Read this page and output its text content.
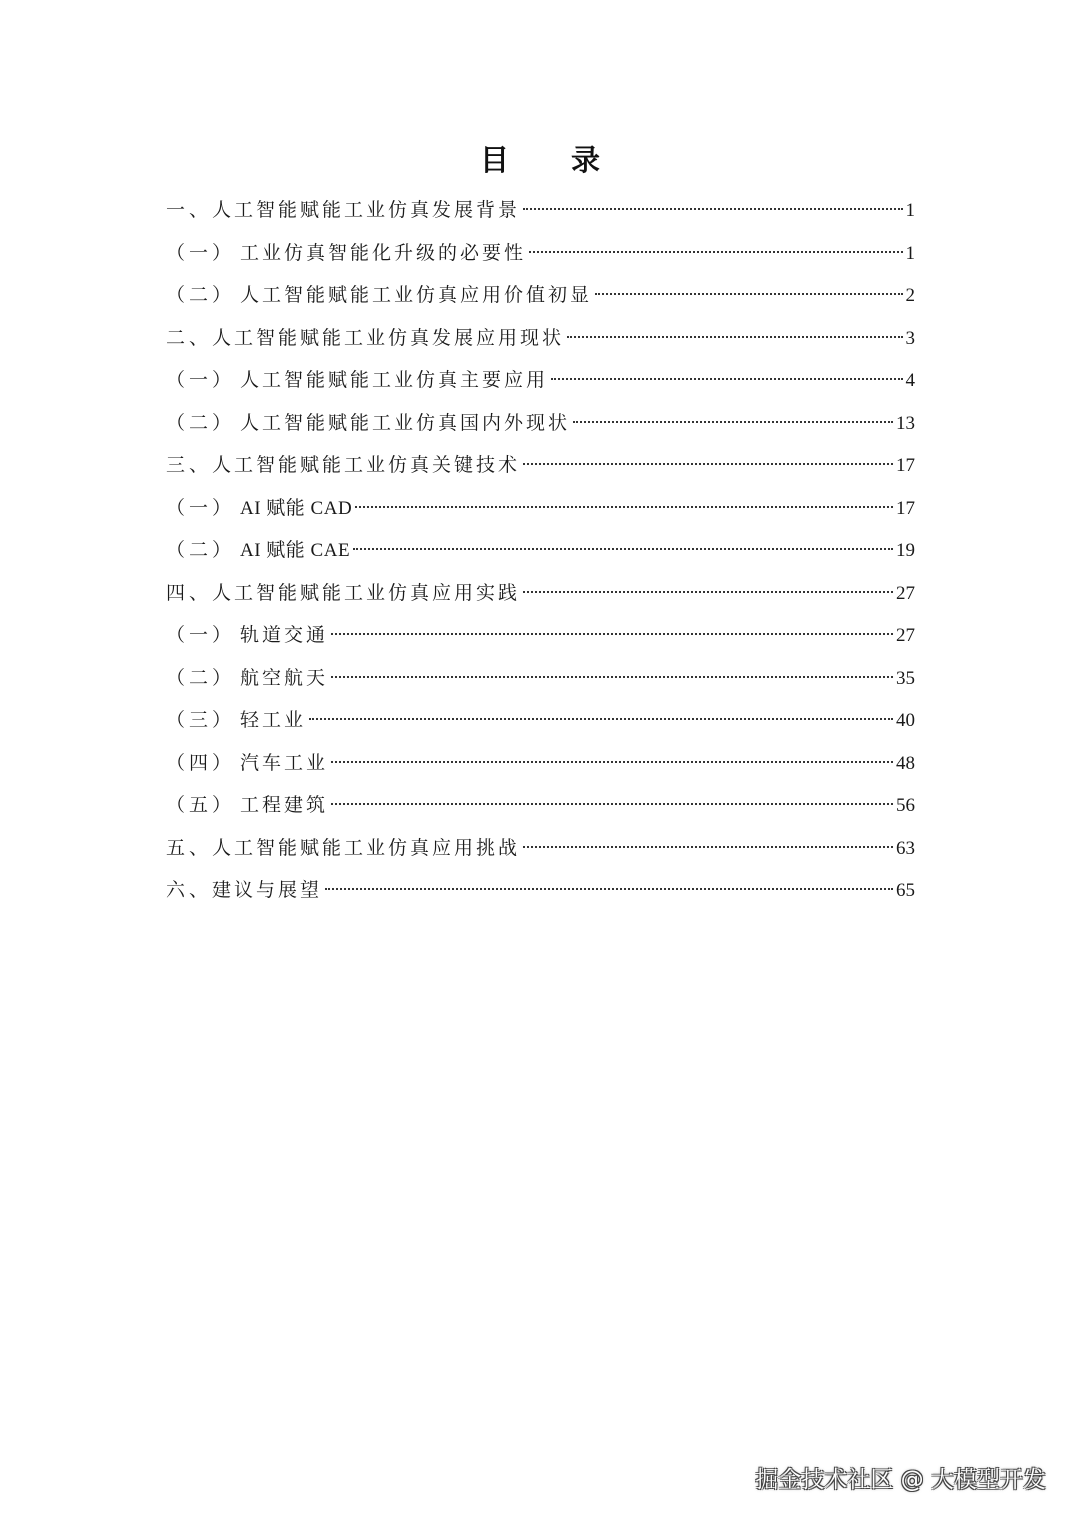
目 录
一、 人工智能赋能工业仿真发展背景	1
（一） 工业仿真智能化升级的必要性	1
（二） 人工智能赋能工业仿真应用价值初显	2
二、 人工智能赋能工业仿真发展应用现状	3
（一） 人工智能赋能工业仿真主要应用	4
（二） 人工智能赋能工业仿真国内外现状	13
三、 人工智能赋能工业仿真关键技术	17
（一） AI 赋能 CAD	17
（二） AI 赋能 CAE	19
四、 人工智能赋能工业仿真应用实践	27
（一） 轨道交通	27
（二） 航空航天	35
（三） 轻工业	40
（四） 汽车工业	48
（五） 工程建筑	56
五、 人工智能赋能工业仿真应用挑战	63
六、 建议与展望	65
掘金技术社区 @ 大模型开发
